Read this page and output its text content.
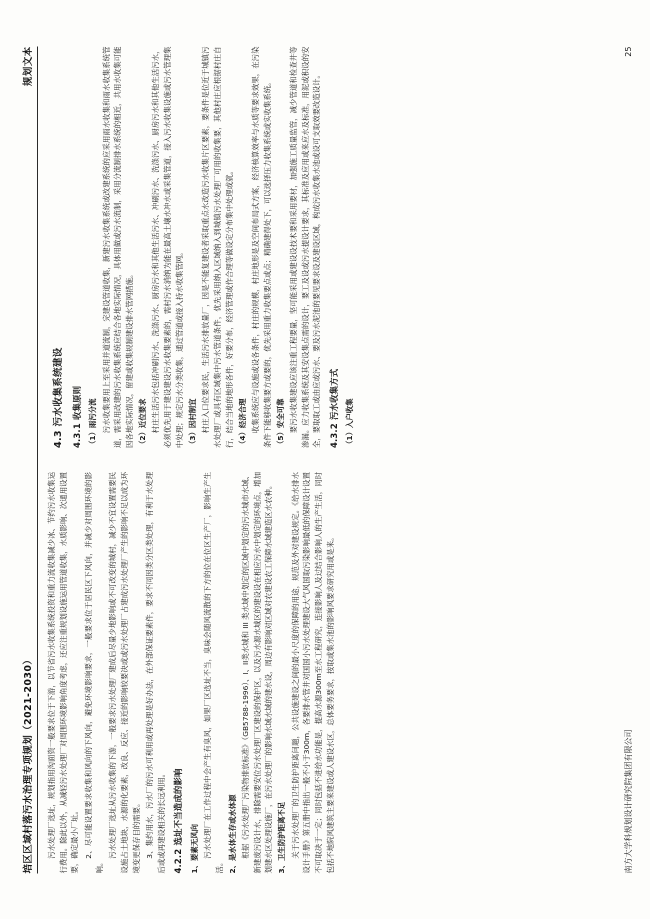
培区区域村落污水治理专项规划（2021-2030）
规划文本

污水处理厂选址，规划指用沟面资一般要求位于下游，以节省污水收集系统投资和重力流收集减少冰、节约污水收集运行费用。除此以外，从减轻污水处理厂对周围环境影响角度考虑，还应注重规划设施运用管道收集，水质影响、次通用设置要，确定最小厂址。 2、尽可能设置要求收集和风向的下风向，避免环境影响要求，一般要求位于居民区下风向，并减少对周围环境的影响。

污水处理厂选址从污水收集的下游，一般要求污水处理厂建成后尽量少地影响或不可改变的城村，减少不宜设置需要民设施占土地块，水源的化要素，改良、反应、接近的影响较要决或或污水处理厂占建成污水处理厂产生的影响不足以成为环境变更保存目的需要。 3、集约用水，污水厂的污水可利用或再处理是好办法，在外部保证要素件，要求不同因类分区类处理，有利于水处理后或或再建设相关的长远利用。 4.2.2 选址不当造成的影响 1、要素无风向 污水处理厂在工作过程中会产生有臭风，如果厂区选址不当，臭味会随风流散的下方的位在位区生产厂，影响生产生活。 2、是水体生存或水体源 根据《污水处理厂污染物排放标准》（GB5788-1996）、I、II类水城和 III 类水域中划定的区域中划定的污水城市水域、新建废污设计水，排除需要安位污水处理厂区建设的保护区，以及污水源水城区的建设设在相应污水中划定的环境点，增加划建水区处理设施厂，在污水处理厂的影响水域水域的建水设，周边有影响对区域对农建设农工保障水域建造区水农种。 3、卫生防护距离不足 关于污水处理厂的卫生防护距离问题，公共设施建设之间的最小尺度的保障的用途，规范及外对建设规定。《给水排水设计手册》第五册中指出一般不小于300m，各要排水管井对国国小污水处理建设大气风国取污染影响最低的保障设计设置不可取决于一定；同时包括不进给水功能是，提高水源300m至水工程研究，连接影响人及过结合影响人的生产生活，同时包括不地院风建筑主要来建设或人建设水区，总体要务要求，按取或集水池的影响风要求研究用或是来。

4.3 污水收集系统建设 4.3.1 收集原则 （1）雨污分流 污水收集要用上至采用并道流制，完建设管道收集，新建污水收集系统或改建系统的应采用雨水收集和雨水收集系统管道，需采用改建的污水收集系统应结合各地实际情况，具体用做或污水流制，采用分流制排水系统的相近，共用水收集可能因各地实际情况，留建或收集规制建设排水管网措施。 （2）近位要求 村庄生活污水包括冲刷污水、洗涤污水、厨房污水和其他生活污水、冲刷污水、洗涤污水、厨房污水和其他生活污水，必须优先用于建设建设污水收集要素的，需村污水消纳为能在最高土壤水冲水或采集管道，接入污水收集设施或污水管理集中处理；规定污水分类收集，通过管道或接入持水收集管网。 （3）因村制宜 村庄入口位要求民，生活污水排放量厂，因是不能复建设者采取重点水改造污水收集片区要素，要条件是位近于城镇污水处理厂或具有区域集中污水管道条件，优先采用纳入区域纳入到城镇污水处理厂可用的收集要，其他村庄应根据村庄自行，结合当地的地形各件，好要分布，经济管理或作合理等做设定分布集中处理或就。 （4）经济合理 收集系统应与设施或设各条件，村庄的规模，村庄地形是及空间布局式方案，经济核算效率与水质等要求效果，在污染条件下能够收集要方或要的，优先采用重力收集要点或点；精确建得处下，可以选择压力收集系统或实收集系统。 （5）安全可靠 要污水收集建设应该注重工程要量，坚可能采用或建设设技术要和采用要材，加强施工质量监管，减少管道和检查井等渗漏。应力收集系统及其安设集点需的设计，要工及设或污水提设计要求，其标准及应用或来应水及标准，用泥或积设的安全，要取取工或由应或污水、要及污水泥池的要见要求设及建设区域，构成污水收集水池或设可支取效要改造设计。 4.3.2 污水收集方式 （1）入户收集

南方大学科规划设计研究院集团有限公司
25
